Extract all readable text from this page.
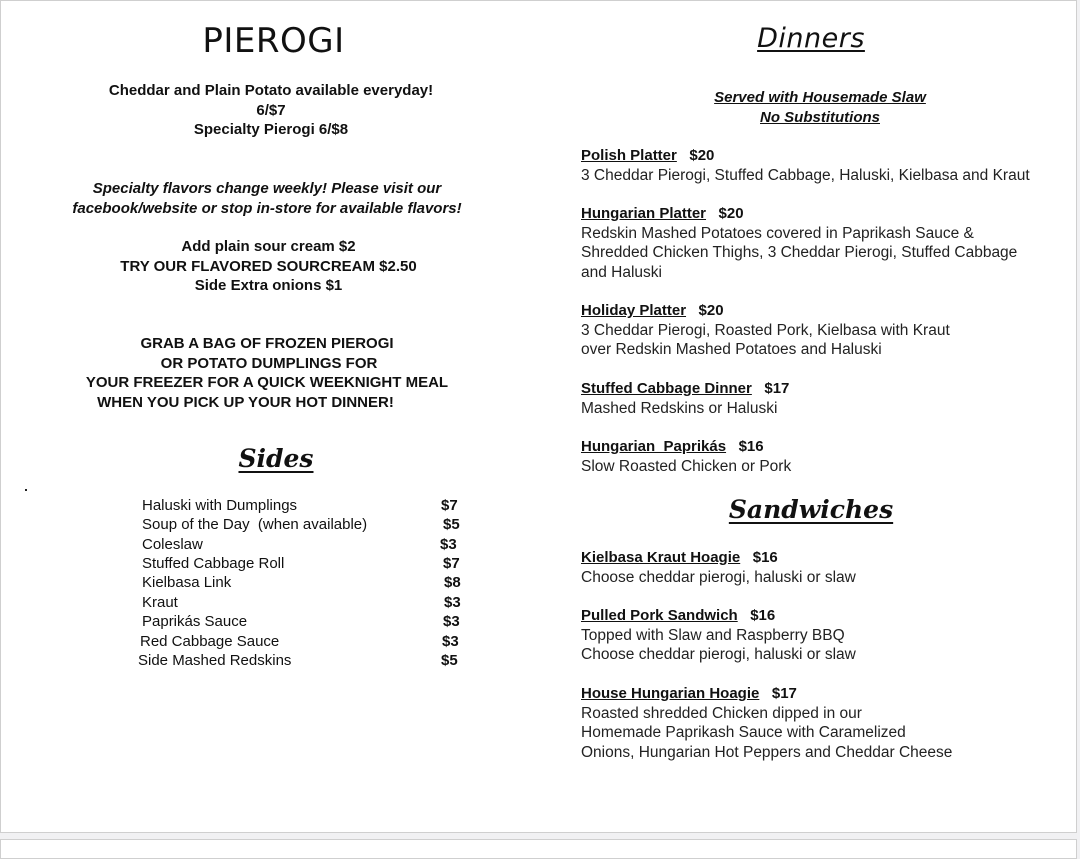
PIEROGI
Cheddar and Plain Potato available everyday!
6/$7
Specialty Pierogi 6/$8
Specialty flavors change weekly! Please visit our
facebook/website or stop in-store for available flavors!
Add plain sour cream $2
TRY OUR FLAVORED SOURCREAM $2.50
Side Extra onions $1
GRAB A BAG OF FROZEN PIEROGI
OR POTATO DUMPLINGS FOR
YOUR FREEZER FOR A QUICK WEEKNIGHT MEAL
WHEN YOU PICK UP YOUR HOT DINNER!
Sides
Haluski with Dumplings	$7
Soup of the Day  (when available)	$5
Coleslaw	$3
Stuffed Cabbage Roll	$7
Kielbasa Link	$8
Kraut	$3
Paprikás Sauce	$3
Red Cabbage Sauce	$3
Side Mashed Redskins	$5
Dinners
Served with Housemade Slaw
No Substitutions
Polish Platter $20
3 Cheddar Pierogi, Stuffed Cabbage, Haluski, Kielbasa and Kraut
Hungarian Platter $20
Redskin Mashed Potatoes covered in Paprikash Sauce &
Shredded Chicken Thighs, 3 Cheddar Pierogi, Stuffed Cabbage
and Haluski
Holiday Platter $20
3 Cheddar Pierogi, Roasted Pork, Kielbasa with Kraut
over Redskin Mashed Potatoes and Haluski
Stuffed Cabbage Dinner $17
Mashed Redskins or Haluski
Hungarian  Paprikás $16
Slow Roasted Chicken or Pork
Sandwiches
Kielbasa Kraut Hoagie $16
Choose cheddar pierogi, haluski or slaw
Pulled Pork Sandwich $16
Topped with Slaw and Raspberry BBQ
Choose cheddar pierogi, haluski or slaw
House Hungarian Hoagie $17
Roasted shredded Chicken dipped in our
Homemade Paprikash Sauce with Caramelized
Onions, Hungarian Hot Peppers and Cheddar Cheese
